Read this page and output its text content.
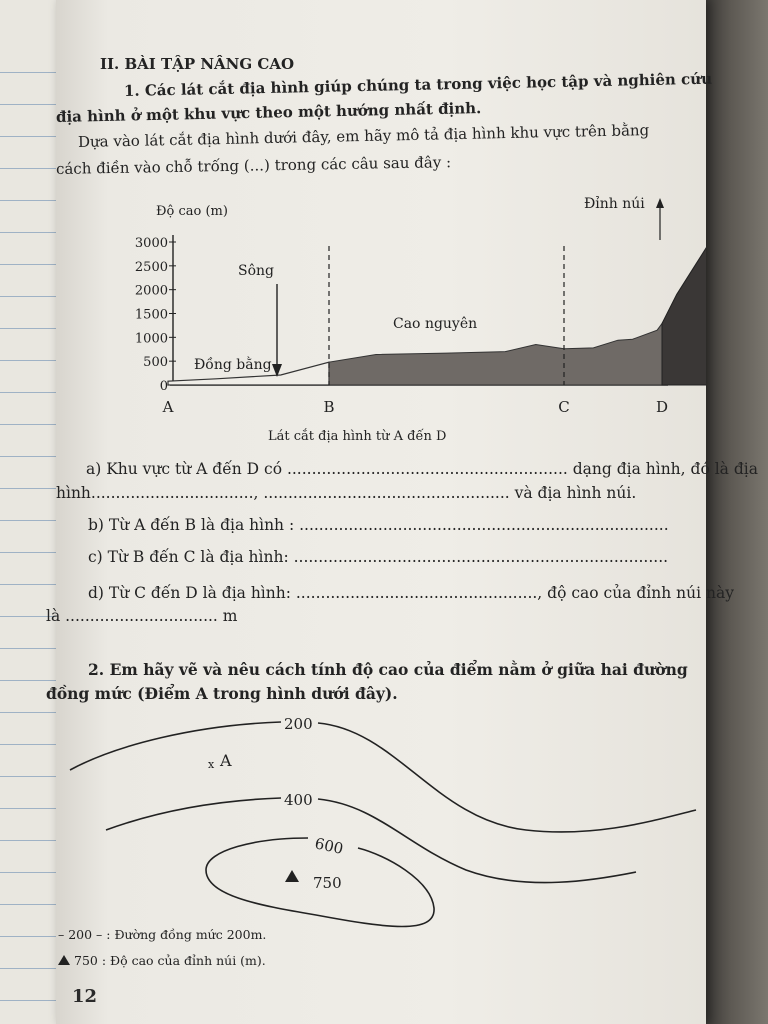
II. BÀI TẬP NÂNG CAO
1. Các lát cắt địa hình giúp chúng ta trong việc học tập và nghiên cứu
địa hình ở một khu vực theo một hướng nhất định.
Dựa vào lát cắt địa hình dưới đây, em hãy mô tả địa hình khu vực trên bằng
cách điền vào chỗ trống (...) trong các câu sau đây :
0
500
1000
1500
2000
2500
3000
A	B	C	D
Độ cao (m)
Sông
Đồng bằng
Cao nguyên
Đỉnh núi
Lát cắt địa hình từ A đến D
a) Khu vực từ A đến D có ......................................................... dạng địa hình, đó là địa
hình................................., .................................................. và địa hình núi.
b) Từ A đến B là địa hình : ...........................................................................
c) Từ B đến C là địa hình: ............................................................................
d) Từ C đến D là địa hình: ................................................., độ cao của đỉnh núi này
là ............................... m
2. Em hãy vẽ và nêu cách tính độ cao của điểm nằm ở giữa hai đường
đồng mức (Điểm A trong hình dưới đây).
200
400
600
x A
750
– 200 – : Đường đồng mức 200m.
750 : Độ cao của đỉnh núi (m).
12
